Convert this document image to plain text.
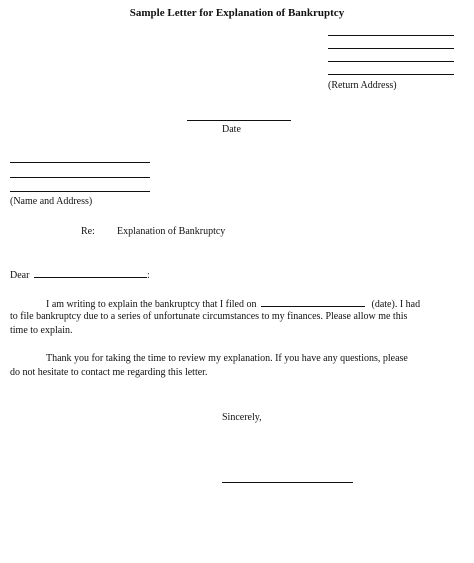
Sample Letter for Explanation of Bankruptcy
(Return Address)
Date
(Name and Address)
Re: Explanation of Bankruptcy
Dear	:
I am writing to explain the bankruptcy that I filed on	(date). I had
to file bankruptcy due to a series of unfortunate circumstances to my finances. Please allow me this
time to explain.
Thank you for taking the time to review my explanation. If you have any questions, please
do not hesitate to contact me regarding this letter.
Sincerely,
